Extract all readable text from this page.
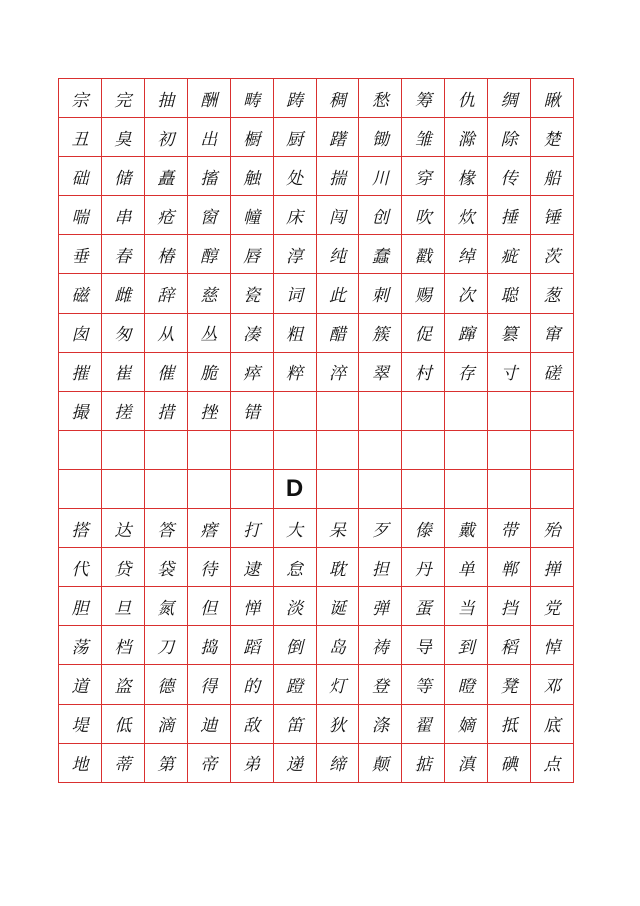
宗	完	抽	酬	畴	踌	稠	愁	筹	仇	绸	瞅
丑	臭	初	出	橱	厨	躇	锄	雏	滁	除	楚
础	储	矗	搐	触	处	揣	川	穿	椽	传	船
喘	串	疮	窗	幢	床	闯	创	吹	炊	捶	锤
垂	春	椿	醇	唇	淳	纯	蠢	戳	绰	疵	茨
磁	雌	辞	慈	瓷	词	此	刺	赐	次	聪	葱
囱	匆	从	丛	凑	粗	醋	簇	促	蹿	篡	窜
摧	崔	催	脆	瘁	粹	淬	翠	村	存	寸	磋
撮	搓	措	挫	错
D
搭	达	答	瘩	打	大	呆	歹	傣	戴	带	殆
代	贷	袋	待	逮	怠	耽	担	丹	单	郸	掸
胆	旦	氮	但	惮	淡	诞	弹	蛋	当	挡	党
荡	档	刀	捣	蹈	倒	岛	祷	导	到	稻	悼
道	盗	德	得	的	蹬	灯	登	等	瞪	凳	邓
堤	低	滴	迪	敌	笛	狄	涤	翟	嫡	抵	底
地	蒂	第	帝	弟	递	缔	颠	掂	滇	碘	点
